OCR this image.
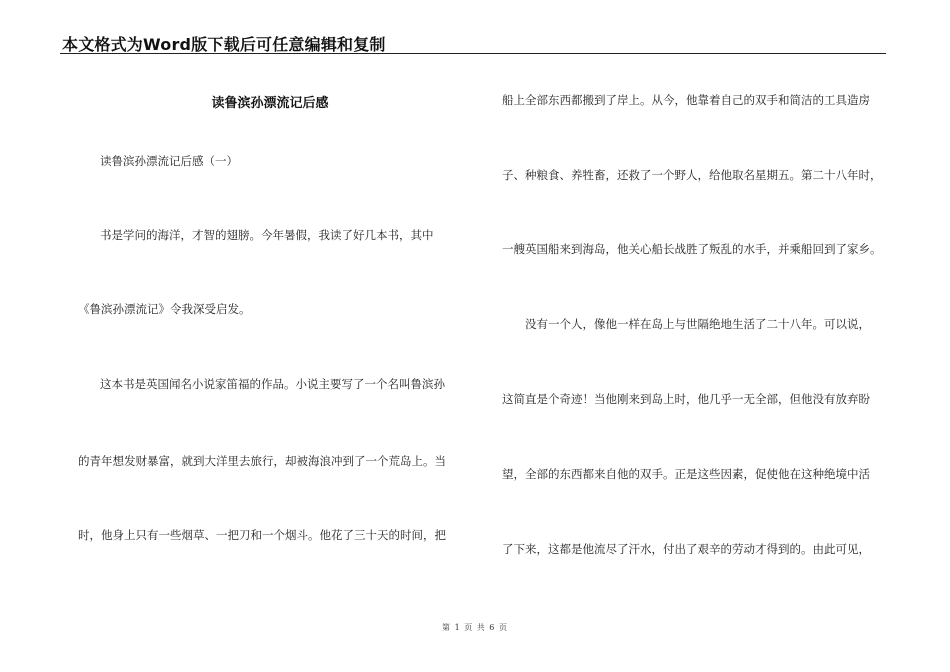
本文格式为Word版下载后可任意编辑和复制
读鲁滨孙漂流记后感
读鲁滨孙漂流记后感（一）
书是学问的海洋，才智的翅膀。今年暑假，我读了好几本书，其中
《鲁滨孙漂流记》令我深受启发。
这本书是英国闻名小说家笛福的作品。小说主要写了一个名叫鲁滨孙
的青年想发财暴富，就到大洋里去旅行，却被海浪冲到了一个荒岛上。当
时，他身上只有一些烟草、一把刀和一个烟斗。他花了三十天的时间，把
船上全部东西都搬到了岸上。从今，他靠着自己的双手和简洁的工具造房
子、种粮食、养牲畜，还救了一个野人，给他取名星期五。第二十八年时，
一艘英国船来到海岛，他关心船长战胜了叛乱的水手，并乘船回到了家乡。
没有一个人，像他一样在岛上与世隔绝地生活了二十八年。可以说，
这简直是个奇迹！当他刚来到岛上时，他几乎一无全部，但他没有放弃盼
望，全部的东西都来自他的双手。正是这些因素，促使他在这种绝境中活
了下来，这都是他流尽了汗水，付出了艰辛的劳动才得到的。由此可见，
第 1 页 共 6 页
